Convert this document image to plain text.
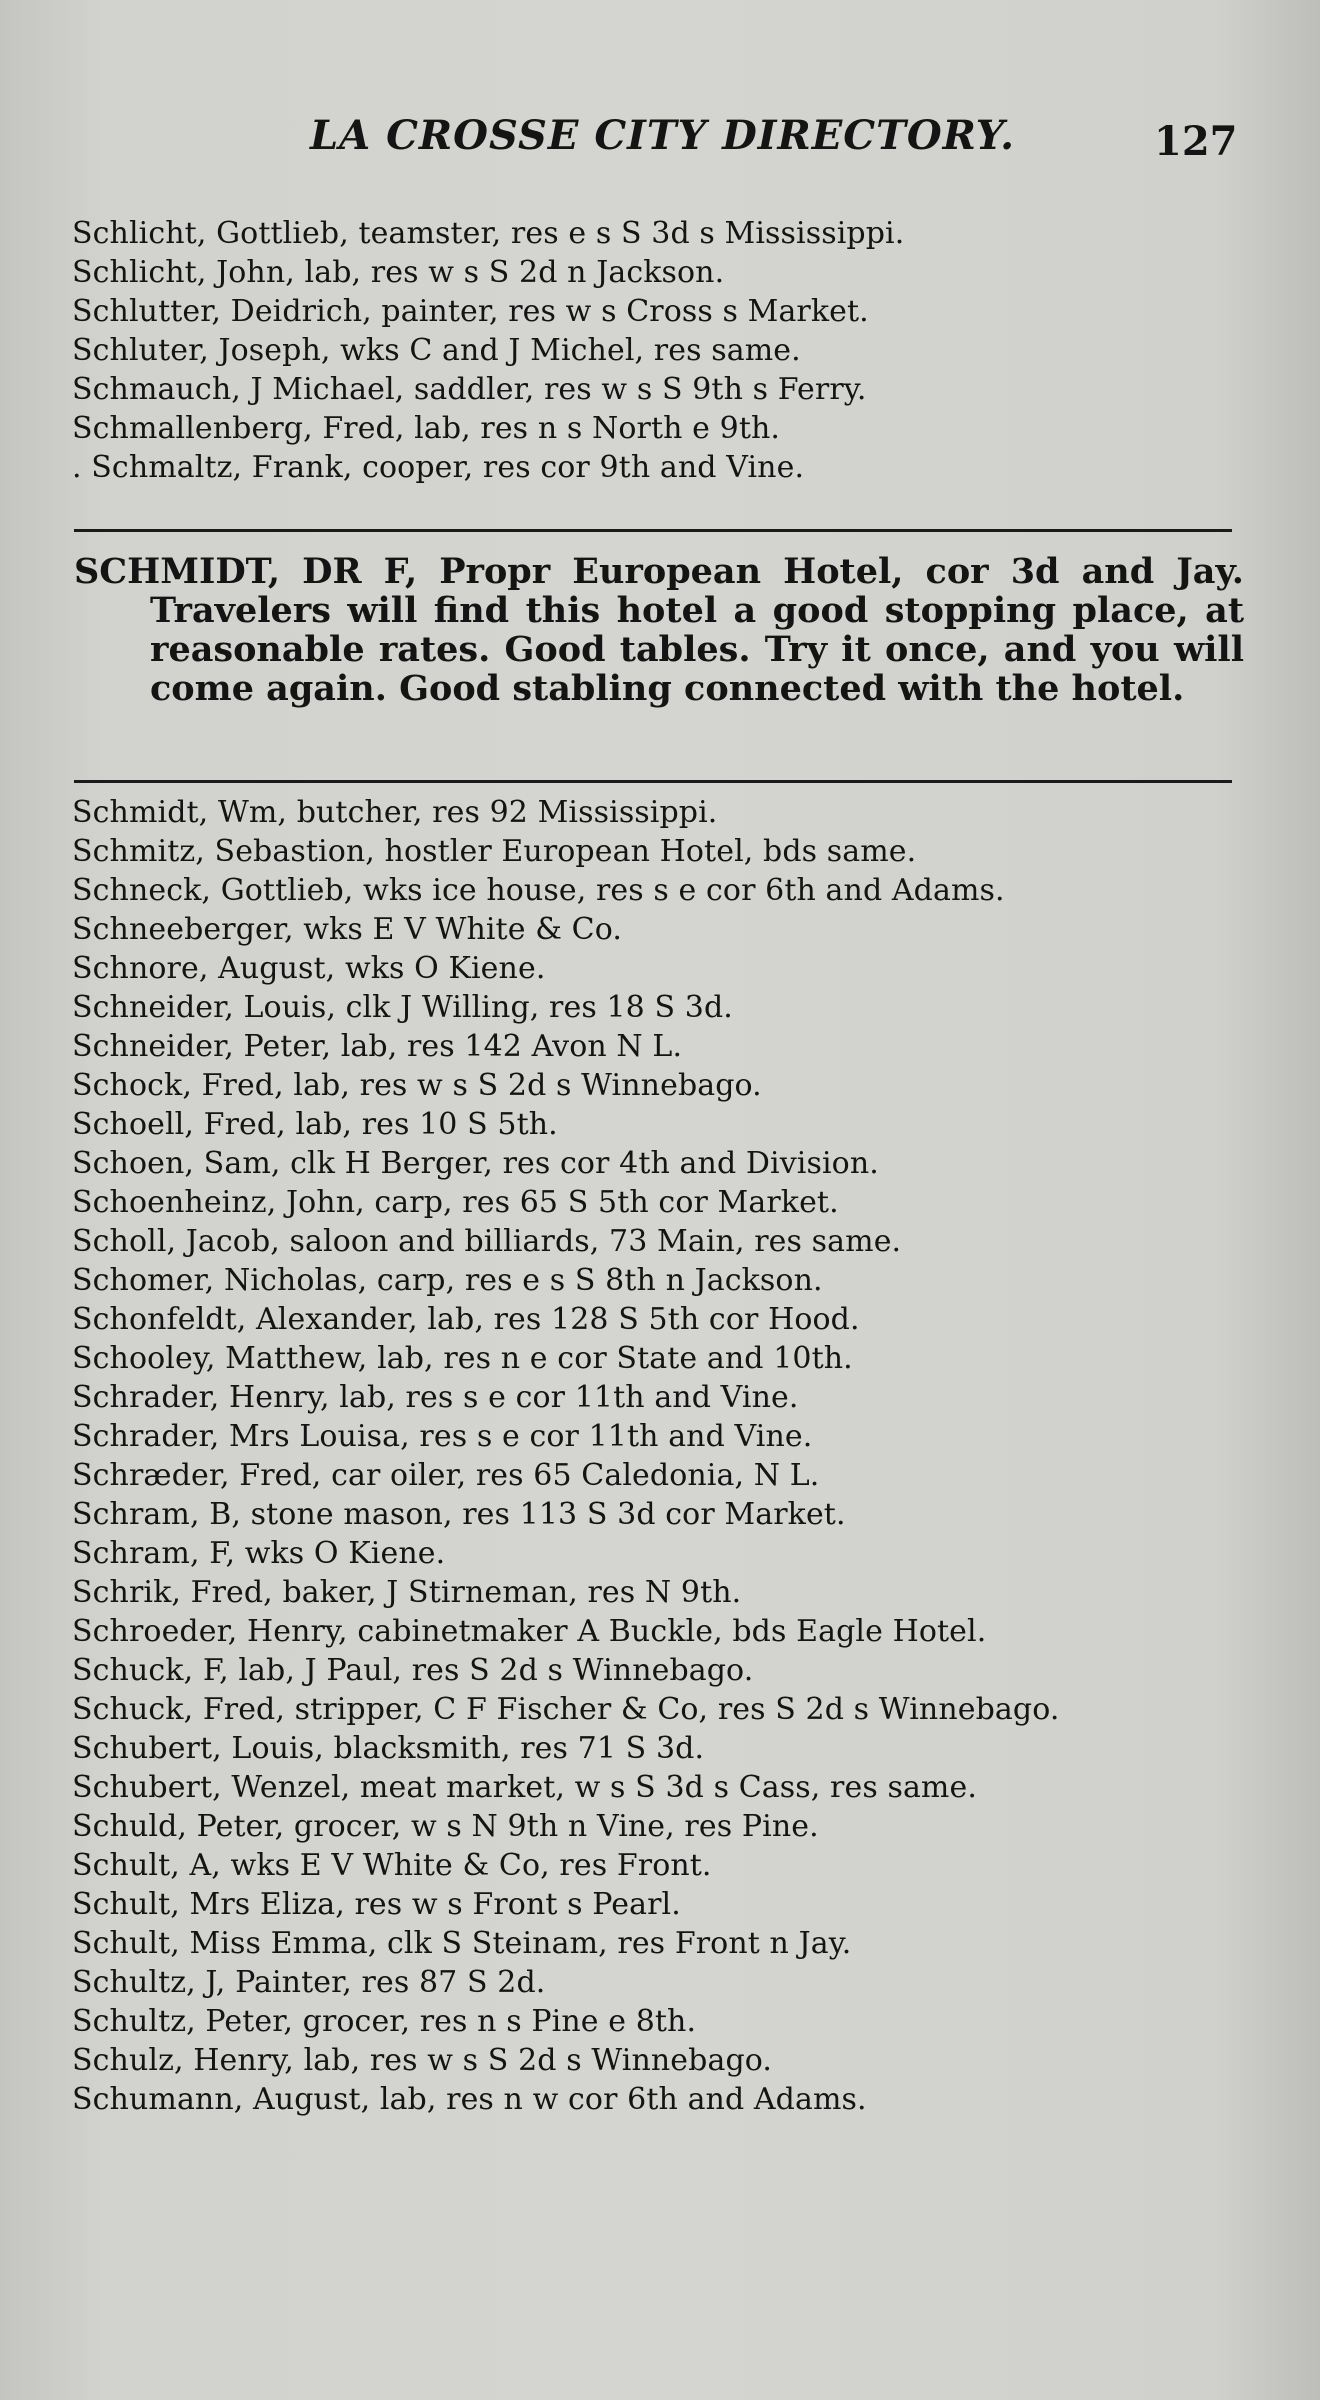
LA CROSSE CITY DIRECTORY.	127
Schlicht, Gottlieb, teamster, res e s S 3d s Mississippi.
Schlicht, John, lab, res w s S 2d n Jackson.
Schlutter, Deidrich, painter, res w s Cross s Market.
Schluter, Joseph, wks C and J Michel, res same.
Schmauch, J Michael, saddler, res w s S 9th s Ferry.
Schmallenberg, Fred, lab, res n s North e 9th.
. Schmaltz, Frank, cooper, res cor 9th and Vine.
SCHMIDT, DR F, Propr European Hotel, cor 3d and Jay. Travelers will find this hotel a good stopping place, at reasonable rates. Good tables. Try it once, and you will come again. Good stabling connected with the hotel.
Schmidt, Wm, butcher, res 92 Mississippi.
Schmitz, Sebastion, hostler European Hotel, bds same.
Schneck, Gottlieb, wks ice house, res s e cor 6th and Adams.
Schneeberger, wks E V White & Co.
Schnore, August, wks O Kiene.
Schneider, Louis, clk J Willing, res 18 S 3d.
Schneider, Peter, lab, res 142 Avon N L.
Schock, Fred, lab, res w s S 2d s Winnebago.
Schoell, Fred, lab, res 10 S 5th.
Schoen, Sam, clk H Berger, res cor 4th and Division.
Schoenheinz, John, carp, res 65 S 5th cor Market.
Scholl, Jacob, saloon and billiards, 73 Main, res same.
Schomer, Nicholas, carp, res e s S 8th n Jackson.
Schonfeldt, Alexander, lab, res 128 S 5th cor Hood.
Schooley, Matthew, lab, res n e cor State and 10th.
Schrader, Henry, lab, res s e cor 11th and Vine.
Schrader, Mrs Louisa, res s e cor 11th and Vine.
Schræder, Fred, car oiler, res 65 Caledonia, N L.
Schram, B, stone mason, res 113 S 3d cor Market.
Schram, F, wks O Kiene.
Schrik, Fred, baker, J Stirneman, res N 9th.
Schroeder, Henry, cabinetmaker A Buckle, bds Eagle Hotel.
Schuck, F, lab, J Paul, res S 2d s Winnebago.
Schuck, Fred, stripper, C F Fischer & Co, res S 2d s Winnebago.
Schubert, Louis, blacksmith, res 71 S 3d.
Schubert, Wenzel, meat market, w s S 3d s Cass, res same.
Schuld, Peter, grocer, w s N 9th n Vine, res Pine.
Schult, A, wks E V White & Co, res Front.
Schult, Mrs Eliza, res w s Front s Pearl.
Schult, Miss Emma, clk S Steinam, res Front n Jay.
Schultz, J, Painter, res 87 S 2d.
Schultz, Peter, grocer, res n s Pine e 8th.
Schulz, Henry, lab, res w s S 2d s Winnebago.
Schumann, August, lab, res n w cor 6th and Adams.
